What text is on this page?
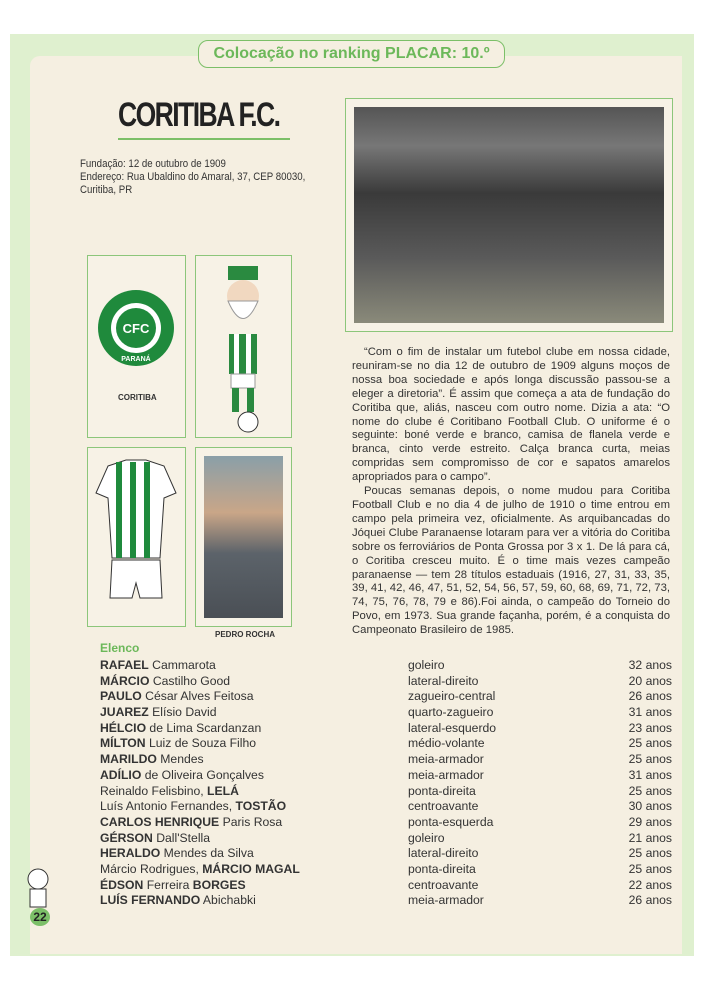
Colocação no ranking PLACAR: 10.º
CORITIBA F.C.
Fundação: 12 de outubro de 1909
Endereço: Rua Ubaldino do Amaral, 37, CEP 80030,
Curitiba, PR
CFC
PARANÁ
CORITIBA
PEDRO ROCHA

“Com o fim de instalar um futebol clube em nossa cidade, reuniram-se no dia 12 de outubro de 1909 alguns moços de nossa boa sociedade e após longa discussão passou-se a eleger a diretoria”. É assim que começa a ata de fundação do Coritiba que, aliás, nasceu com outro nome. Dizia a ata: “O nome do clube é Coritibano Football Club. O uniforme é o seguinte: boné verde e branco, camisa de flanela verde e branca, cinto verde estreito. Calça branca curta, meias compridas sem compromisso de cor e sapatos amarelos apropriados para o campo”.

Poucas semanas depois, o nome mudou para Coritiba Football Club e no dia 4 de julho de 1910 o time entrou em campo pela primeira vez, oficialmente. As arquibancadas do Jóquei Clube Paranaense lotaram para ver a vitória do Coritiba sobre os ferroviários de Ponta Grossa por 3 x 1. De lá para cá, o Coritiba cresceu muito. É o time mais vezes campeão paranaense — tem 28 títulos estaduais (1916, 27, 31, 33, 35, 39, 41, 42, 46, 47, 51, 52, 54, 56, 57, 59, 60, 68, 69, 71, 72, 73, 74, 75, 76, 78, 79 e 86).Foi ainda, o campeão do Torneio do Povo, em 1973. Sua grande façanha, porém, é a conquista do Campeonato Brasileiro de 1985.

Elenco
RAFAEL Cammarota	goleiro	32 anos
MÁRCIO Castilho Good	lateral-direito	20 anos
PAULO César Alves Feitosa	zagueiro-central	26 anos
JUAREZ Elísio David	quarto-zagueiro	31 anos
HÉLCIO de Lima Scardanzan	lateral-esquerdo	23 anos
MÍLTON Luiz de Souza Filho	médio-volante	25 anos
MARILDO Mendes	meia-armador	25 anos
ADÍLIO de Oliveira Gonçalves	meia-armador	31 anos
Reinaldo Felisbino, LELÁ	ponta-direita	25 anos
Luís Antonio Fernandes, TOSTÃO	centroavante	30 anos
CARLOS HENRIQUE Paris Rosa	ponta-esquerda	29 anos
GÉRSON Dall'Stella	goleiro	21 anos
HERALDO Mendes da Silva	lateral-direito	25 anos
Márcio Rodrigues, MÁRCIO MAGAL	ponta-direita	25 anos
ÉDSON Ferreira BORGES	centroavante	22 anos
LUÍS FERNANDO Abichabki	meia-armador	26 anos
22
